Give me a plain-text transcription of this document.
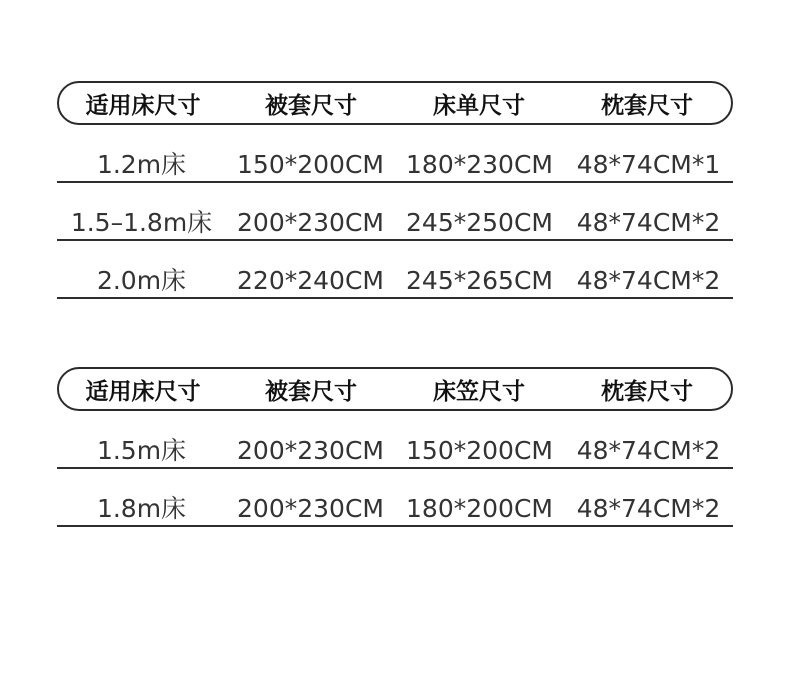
适用床尺寸	被套尺寸	床单尺寸	枕套尺寸
1.2m床	150*200CM 180*230CM 48*74CM*1
1.5–1.8m床 200*230CM 245*250CM 48*74CM*2
2.0m床	220*240CM 245*265CM 48*74CM*2
适用床尺寸	被套尺寸	床笠尺寸	枕套尺寸
1.5m床	200*230CM 150*200CM 48*74CM*2
1.8m床	200*230CM 180*200CM 48*74CM*2
